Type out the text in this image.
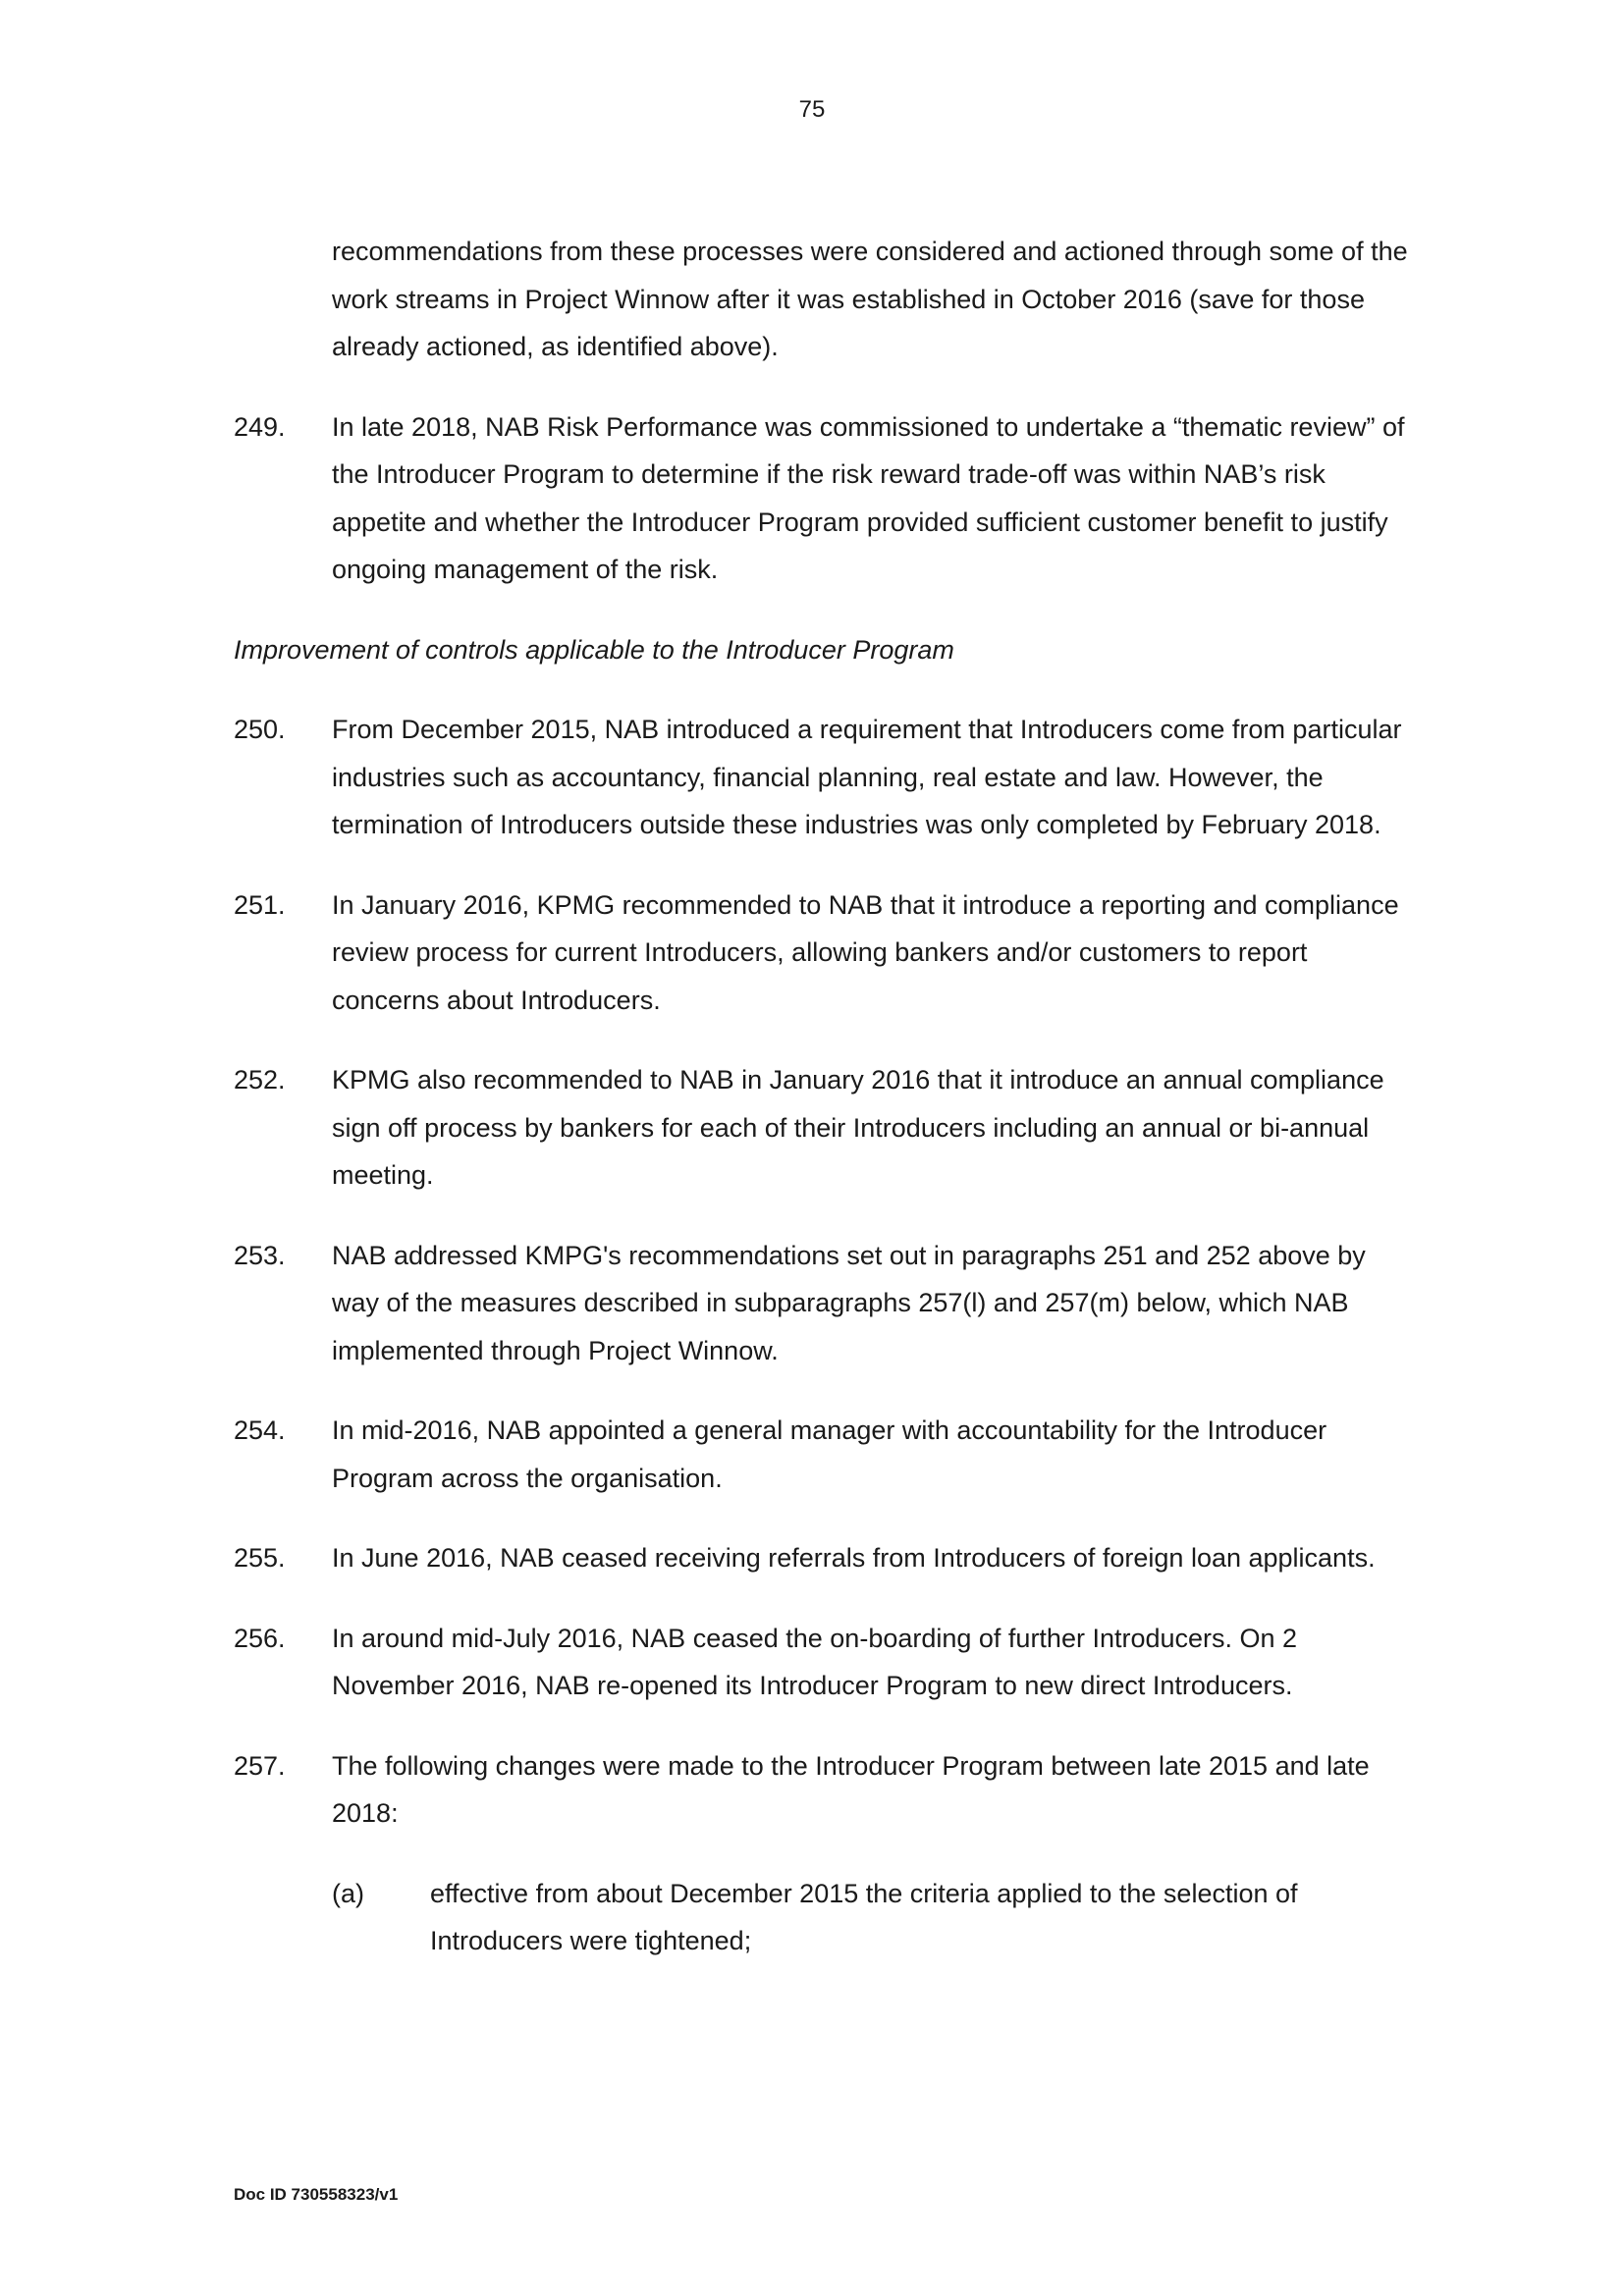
75
recommendations from these processes were considered and actioned through some of the work streams in Project Winnow after it was established in October 2016 (save for those already actioned, as identified above).
249.	In late 2018, NAB Risk Performance was commissioned to undertake a “thematic review” of the Introducer Program to determine if the risk reward trade-off was within NAB’s risk appetite and whether the Introducer Program provided sufficient customer benefit to justify ongoing management of the risk.
Improvement of controls applicable to the Introducer Program
250.	From December 2015, NAB introduced a requirement that Introducers come from particular industries such as accountancy, financial planning, real estate and law. However, the termination of Introducers outside these industries was only completed by February 2018.
251.	In January 2016, KPMG recommended to NAB that it introduce a reporting and compliance review process for current Introducers, allowing bankers and/or customers to report concerns about Introducers.
252.	KPMG also recommended to NAB in January 2016 that it introduce an annual compliance sign off process by bankers for each of their Introducers including an annual or bi-annual meeting.
253.	NAB addressed KMPG's recommendations set out in paragraphs 251 and 252 above by way of the measures described in subparagraphs 257(l) and 257(m) below, which NAB implemented through Project Winnow.
254.	In mid-2016, NAB appointed a general manager with accountability for the Introducer Program across the organisation.
255.	In June 2016, NAB ceased receiving referrals from Introducers of foreign loan applicants.
256.	In around mid-July 2016, NAB ceased the on-boarding of further Introducers. On 2 November 2016, NAB re-opened its Introducer Program to new direct Introducers.
257.	The following changes were made to the Introducer Program between late 2015 and late 2018:
(a)	effective from about December 2015 the criteria applied to the selection of Introducers were tightened;
Doc ID 730558323/v1
